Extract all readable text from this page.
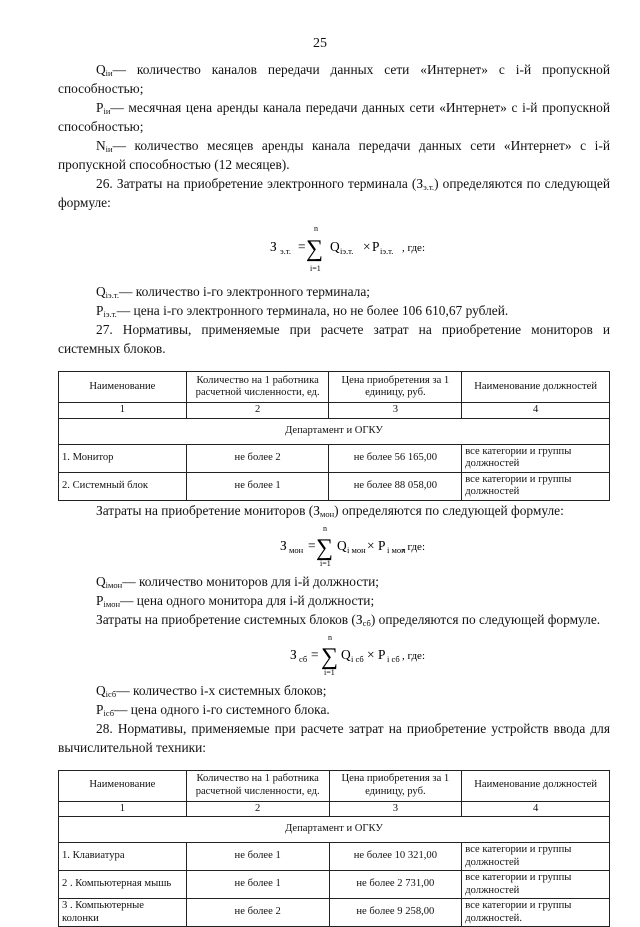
25

$Q_{iи}—$ количество каналов передачи данных сети «Интернет» с i-й пропускной способностью;

$P_{iи}—$ месячная цена аренды канала передачи данных сети «Интернет» с i-й пропускной способностью;

$N_{iи}—$ количество месяцев аренды канала передачи данных сети «Интернет» с i-й пропускной способностью (12 месяцев).

26. Затраты на приобретение электронного терминала $(З_{э.т.})$ определяются по следующей формуле:

З э.т. =
n
∑
i=1
Q iэ.т. × P iэ.т. , где:

$Q_{iэ.т.}—$ количество i-го электронного терминала;

$P_{iэ.т.}—$ цена i-го электронного терминала, но не более 106 610,67 рублей.

27. Нормативы, применяемые при расчете затрат на приобретение мониторов и системных блоков.

Наименование	Количество на 1 работника расчетной численности, ед.	Цена приобретения за 1 единицу, руб.	Наименование должностей
1	2	3	4
Департамент и ОГКУ			
1. Монитор	не более 2	не более 56 165,00	все категории и группы должностей
2. Системный блок	не более 1	не более 88 058,00	все категории и группы должностей

Затраты на приобретение мониторов $(З_{мон})$ определяются по следующей формуле:

З мон =
n
∑
i=1
Q i мон × P i мон
, где:

$Q_{iмон}—$ количество мониторов для i-й должности;

$P_{iмон}—$ цена одного монитора для i-й должности;

Затраты на приобретение системных блоков $(З_{сб})$ определяются по следующей формуле.

З сб =
n
∑
i=1
Q i сб × P i сб , где:

$Q_{iсб}—$ количество i-х системных блоков;

$P_{iсб}—$ цена одного i-го системного блока.

28. Нормативы, применяемые при расчете затрат на приобретение устройств ввода для вычислительной техники:

Наименование	Количество на 1 работника расчетной численности, ед.	Цена приобретения за 1 единицу, руб.	Наименование должностей
1	2	3	4
Департамент и ОГКУ			
1. Клавиатура	не более 1	не более 10 321,00	все категории и группы должностей
2 . Компьютерная мышь	не более 1	не более 2 731,00	все категории и группы должностей
3 . Компьютерные колонки	не более 2	не более 9 258,00	все категории и группы должностей.
